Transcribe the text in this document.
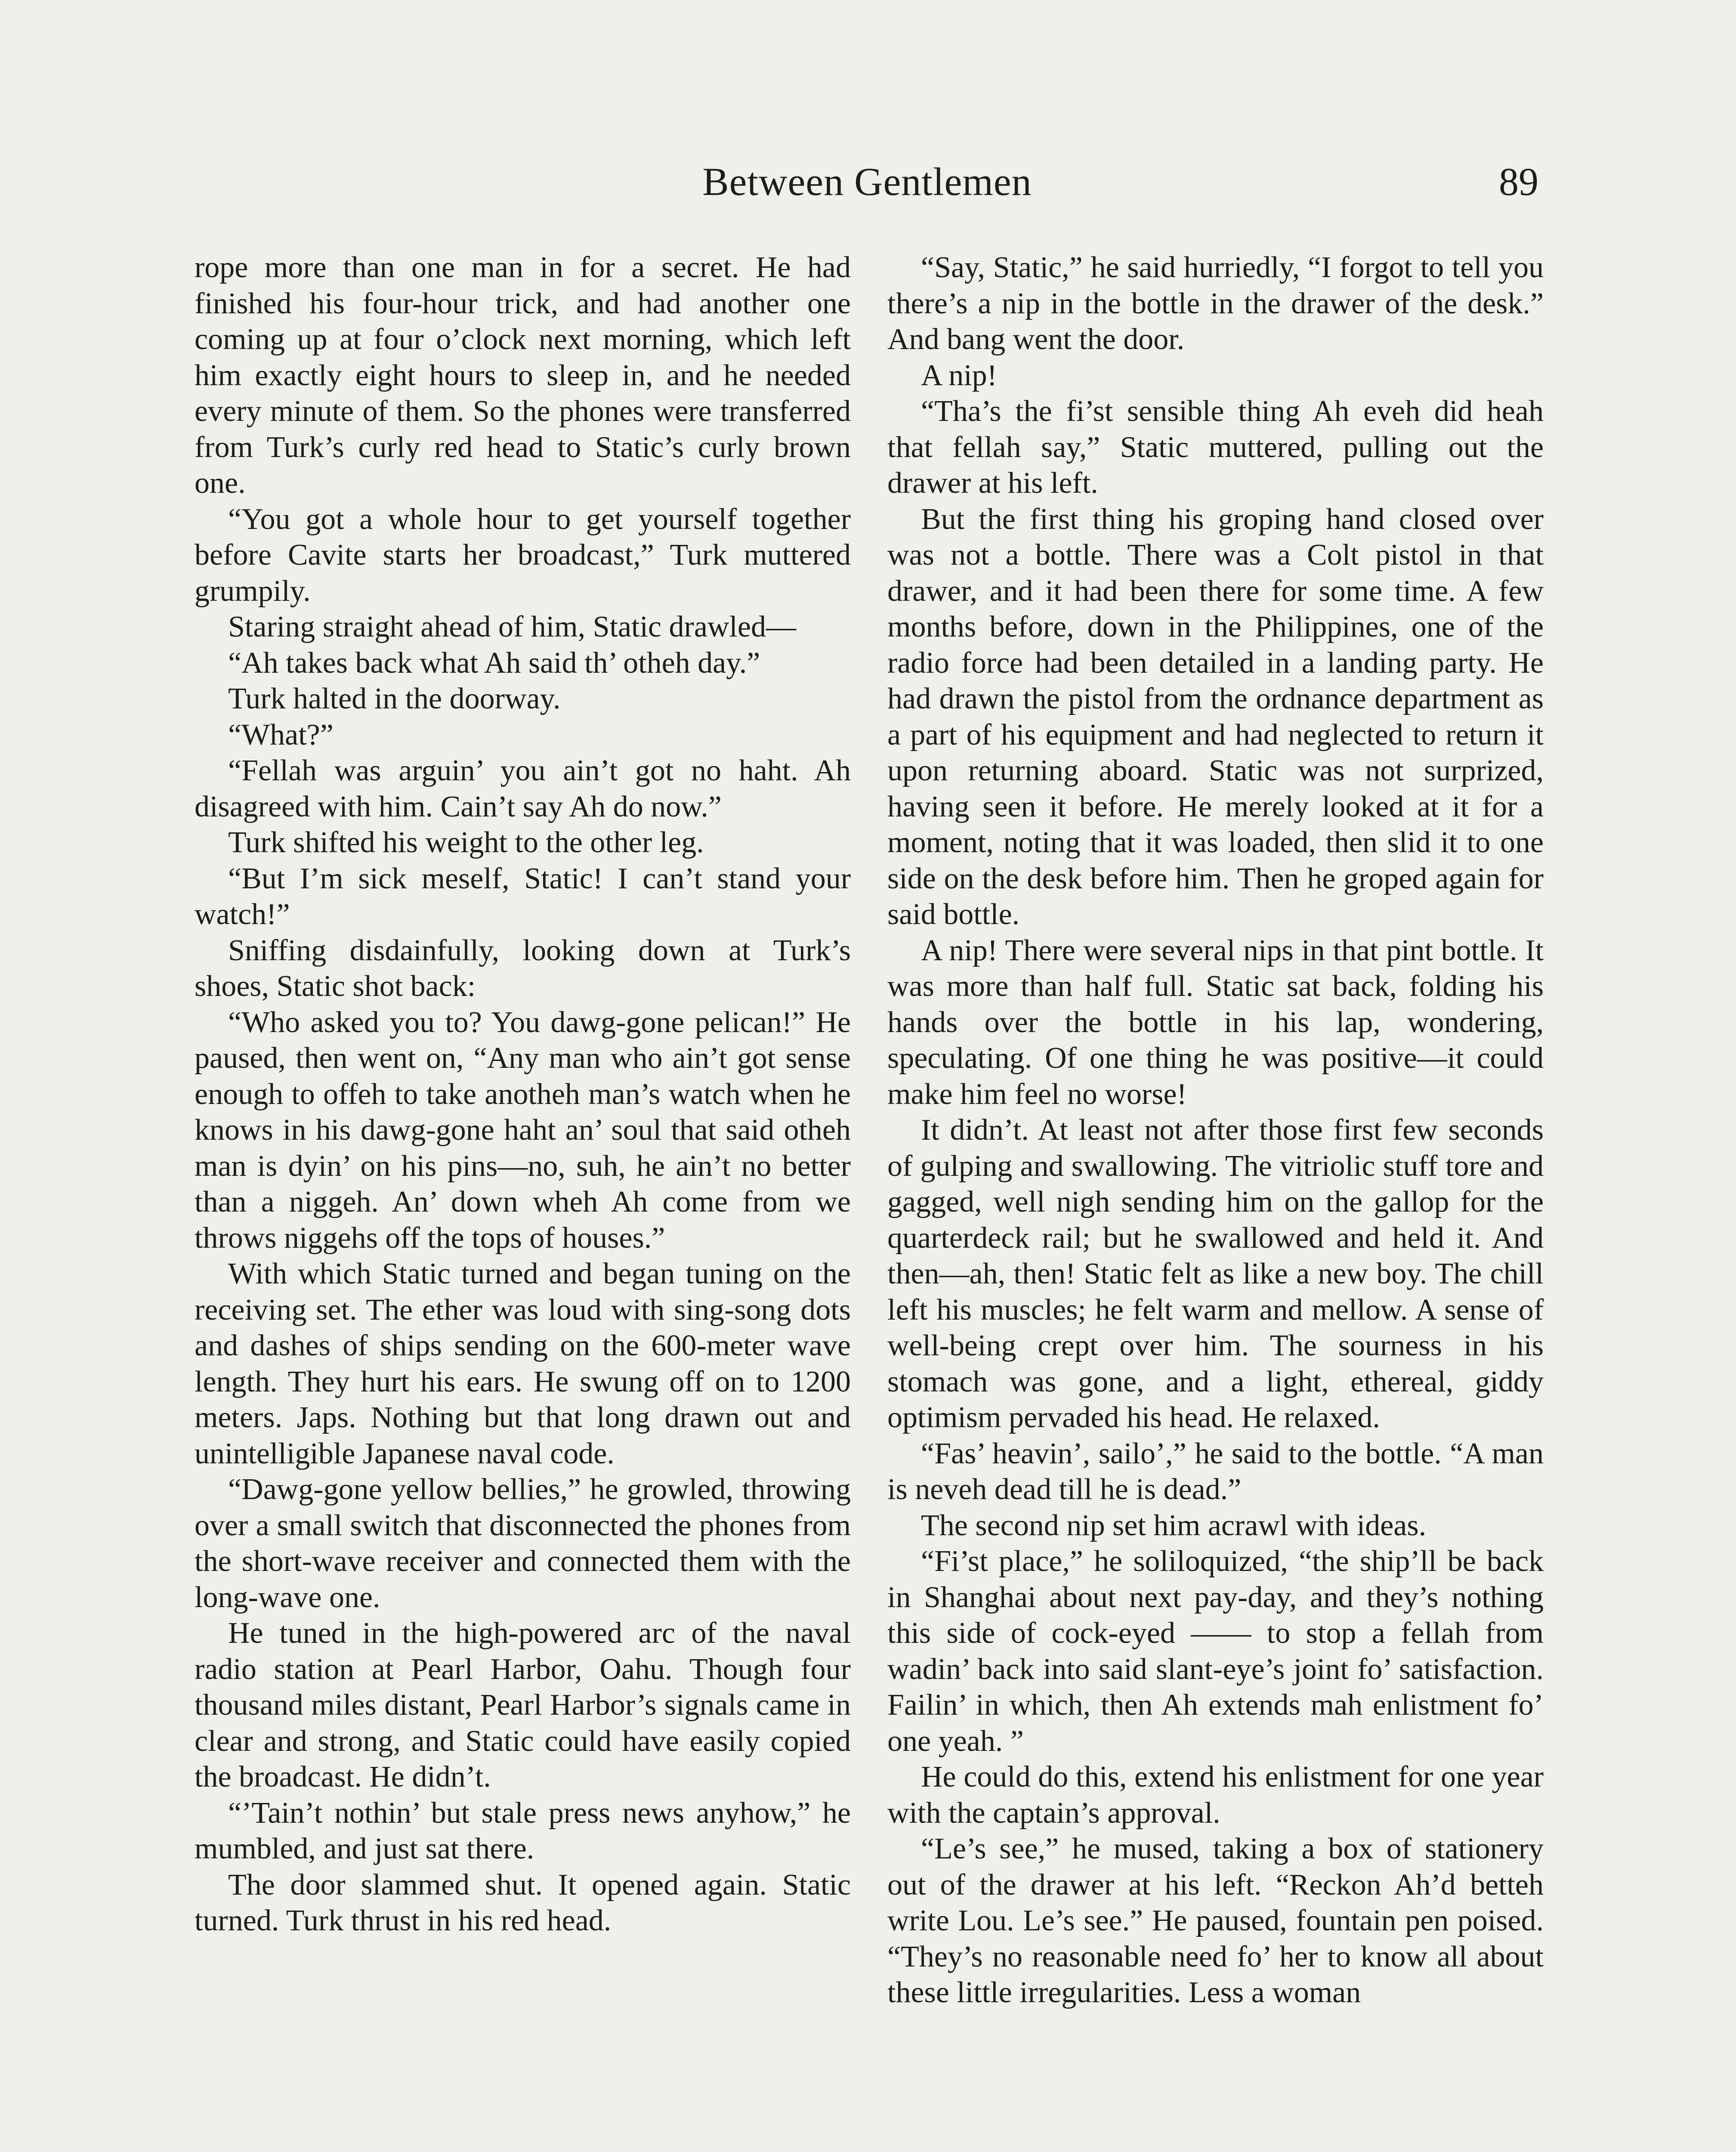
Between Gentlemen	89

rope more than one man in for a secret. He had finished his four-hour trick, and had another one coming up at four o’clock next morning, which left him exactly eight hours to sleep in, and he needed every minute of them. So the phones were transferred from Turk’s curly red head to Static’s curly brown one.

“You got a whole hour to get yourself together before Cavite starts her broadcast,” Turk muttered grumpily.

Staring straight ahead of him, Static drawled—

“Ah takes back what Ah said th’ otheh day.”

Turk halted in the doorway.

“What?”

“Fellah was arguin’ you ain’t got no haht. Ah disagreed with him. Cain’t say Ah do now.”

Turk shifted his weight to the other leg.

“But I’m sick meself, Static! I can’t stand your watch!”

Sniffing disdainfully, looking down at Turk’s shoes, Static shot back:

“Who asked you to? You dawg-gone pelican!” He paused, then went on, “Any man who ain’t got sense enough to offeh to take anotheh man’s watch when he knows in his dawg-gone haht an’ soul that said otheh man is dyin’ on his pins—no, suh, he ain’t no better than a niggeh. An’ down wheh Ah come from we throws niggehs off the tops of houses.”

With which Static turned and began tuning on the receiving set. The ether was loud with sing-song dots and dashes of ships sending on the 600-meter wave length. They hurt his ears. He swung off on to 1200 meters. Japs. Nothing but that long drawn out and unintelligible Japanese naval code.

“Dawg-gone yellow bellies,” he growled, throwing over a small switch that disconnected the phones from the short-wave receiver and connected them with the long-wave one.

He tuned in the high-powered arc of the naval radio station at Pearl Harbor, Oahu. Though four thousand miles distant, Pearl Harbor’s signals came in clear and strong, and Static could have easily copied the broadcast. He didn’t.

“’Tain’t nothin’ but stale press news anyhow,” he mumbled, and just sat there.

The door slammed shut. It opened again. Static turned. Turk thrust in his red head.

“Say, Static,” he said hurriedly, “I forgot to tell you there’s a nip in the bottle in the drawer of the desk.” And bang went the door.

A nip!

“Tha’s the fi’st sensible thing Ah eveh did heah that fellah say,” Static muttered, pulling out the drawer at his left.

But the first thing his groping hand closed over was not a bottle. There was a Colt pistol in that drawer, and it had been there for some time. A few months before, down in the Philippines, one of the radio force had been detailed in a landing party. He had drawn the pistol from the ordnance department as a part of his equipment and had neglected to return it upon returning aboard. Static was not surprized, having seen it before. He merely looked at it for a moment, noting that it was loaded, then slid it to one side on the desk before him. Then he groped again for said bottle.

A nip! There were several nips in that pint bottle. It was more than half full. Static sat back, folding his hands over the bottle in his lap, wondering, speculating. Of one thing he was positive—it could make him feel no worse!

It didn’t. At least not after those first few seconds of gulping and swallowing. The vitriolic stuff tore and gagged, well nigh sending him on the gallop for the quarterdeck rail; but he swallowed and held it. And then—ah, then! Static felt as like a new boy. The chill left his muscles; he felt warm and mellow. A sense of well-being crept over him. The sourness in his stomach was gone, and a light, ethereal, giddy optimism pervaded his head. He relaxed.

“Fas’ heavin’, sailo’,” he said to the bottle. “A man is neveh dead till he is dead.”

The second nip set him acrawl with ideas.

“Fi’st place,” he soliloquized, “the ship’ll be back in Shanghai about next pay-day, and they’s nothing this side of cock-eyed —— to stop a fellah from wadin’ back into said slant-eye’s joint fo’ satisfaction. Failin’ in which, then Ah extends mah enlistment fo’ one yeah. ”

He could do this, extend his enlistment for one year with the captain’s approval.

“Le’s see,” he mused, taking a box of stationery out of the drawer at his left. “Reckon Ah’d betteh write Lou. Le’s see.” He paused, fountain pen poised. “They’s no reasonable need fo’ her to know all about these little irregularities. Less a woman
